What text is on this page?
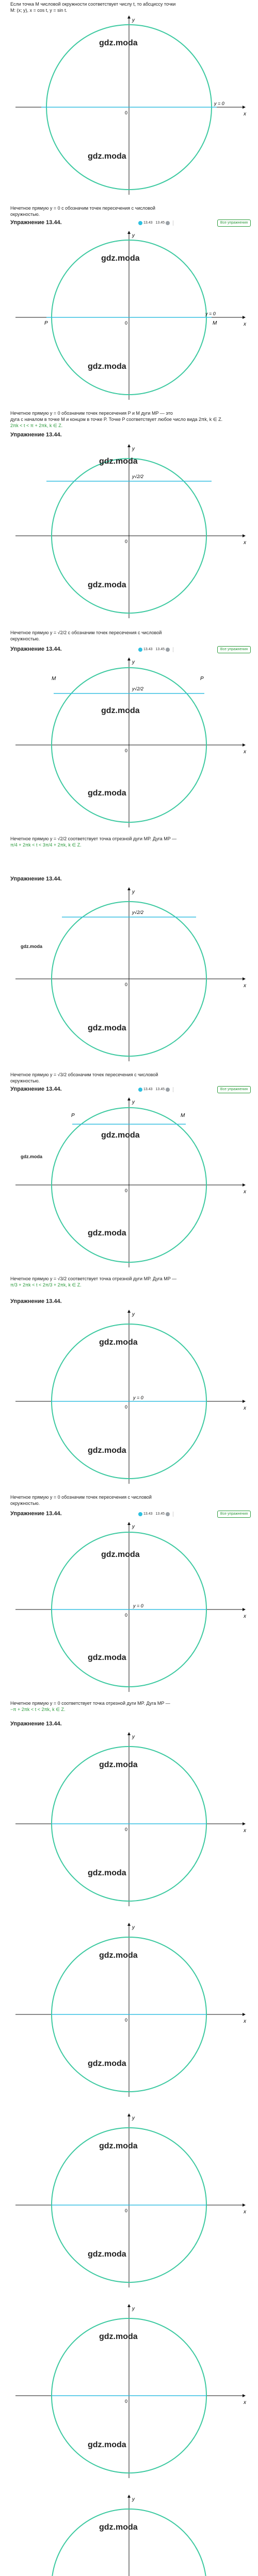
Если точка M числовой окружности соответствует числу t, то абсциссу точки
M: (x; y), x = cos t, y = sin t.
y
x
0
y = 0
gdz.moda
gdz.moda
Нечетное прямую y = 0 с обозначим точек пересечения с числовой
окружностью.
Упражнение 13.44.	13.43 13.45	Все упражнения
y
x
0
P
y = 0
M
gdz.moda
gdz.moda
Нечетное прямую y = 0 обозначим точек пересечения P и M дуги MP — это
дуга с началом в точке M и концом в точке P. Точке P соответствует любое число вида 2πk, k ∈ Z.
2πk < t < π + 2πk, k ∈ Z.
Упражнение 13.44.
y
x
0
y√2/2
gdz.moda
gdz.moda
Нечетное прямую y = √2/2 с обозначим точек пересечения с числовой
окружностью.
Упражнение 13.44.	13.43 13.45	Все упражнения
y
x
0
M	P
y√2/2
gdz.moda
gdz.moda
Нечетное прямую y = √2/2 соответствует точка отрезной дуги MP. Дуга MP —
π/4 + 2πk < t < 3π/4 + 2πk, k ∈ Z.
Упражнение 13.44.
y
x
0
y√2/2
gdz.moda
gdz.moda
Нечетное прямую y = √3/2 обозначим точек пересечения с числовой
окружностью.
Упражнение 13.44.	13.43 13.45	Все упражнения
y
x
0
P	M
gdz.moda
gdz.moda
gdz.moda
Нечетное прямую y = √3/2 соответствует точка отрезной дуги MP. Дуга MP —
π/3 + 2πk < t < 2π/3 + 2πk, k ∈ Z.
Упражнение 13.44.
y
x
0
y = 0
gdz.moda
gdz.moda
Нечетное прямую y = 0 обозначим точек пересечения с числовой
окружностью.
Упражнение 13.44.	13.43 13.45	Все упражнения
y
x
0
y = 0
gdz.moda
gdz.moda
Нечетное прямую y = 0 соответствует точка отрезной дуги MP. Дуга MP —
−π + 2πk < t < 2πk, k ∈ Z.
Упражнение 13.44.
y
x
0
gdz.moda
gdz.moda
y
x
0
gdz.moda
gdz.moda
y
x
0
gdz.moda
gdz.moda
y
x
0
gdz.moda
gdz.moda
y
gdz.moda
